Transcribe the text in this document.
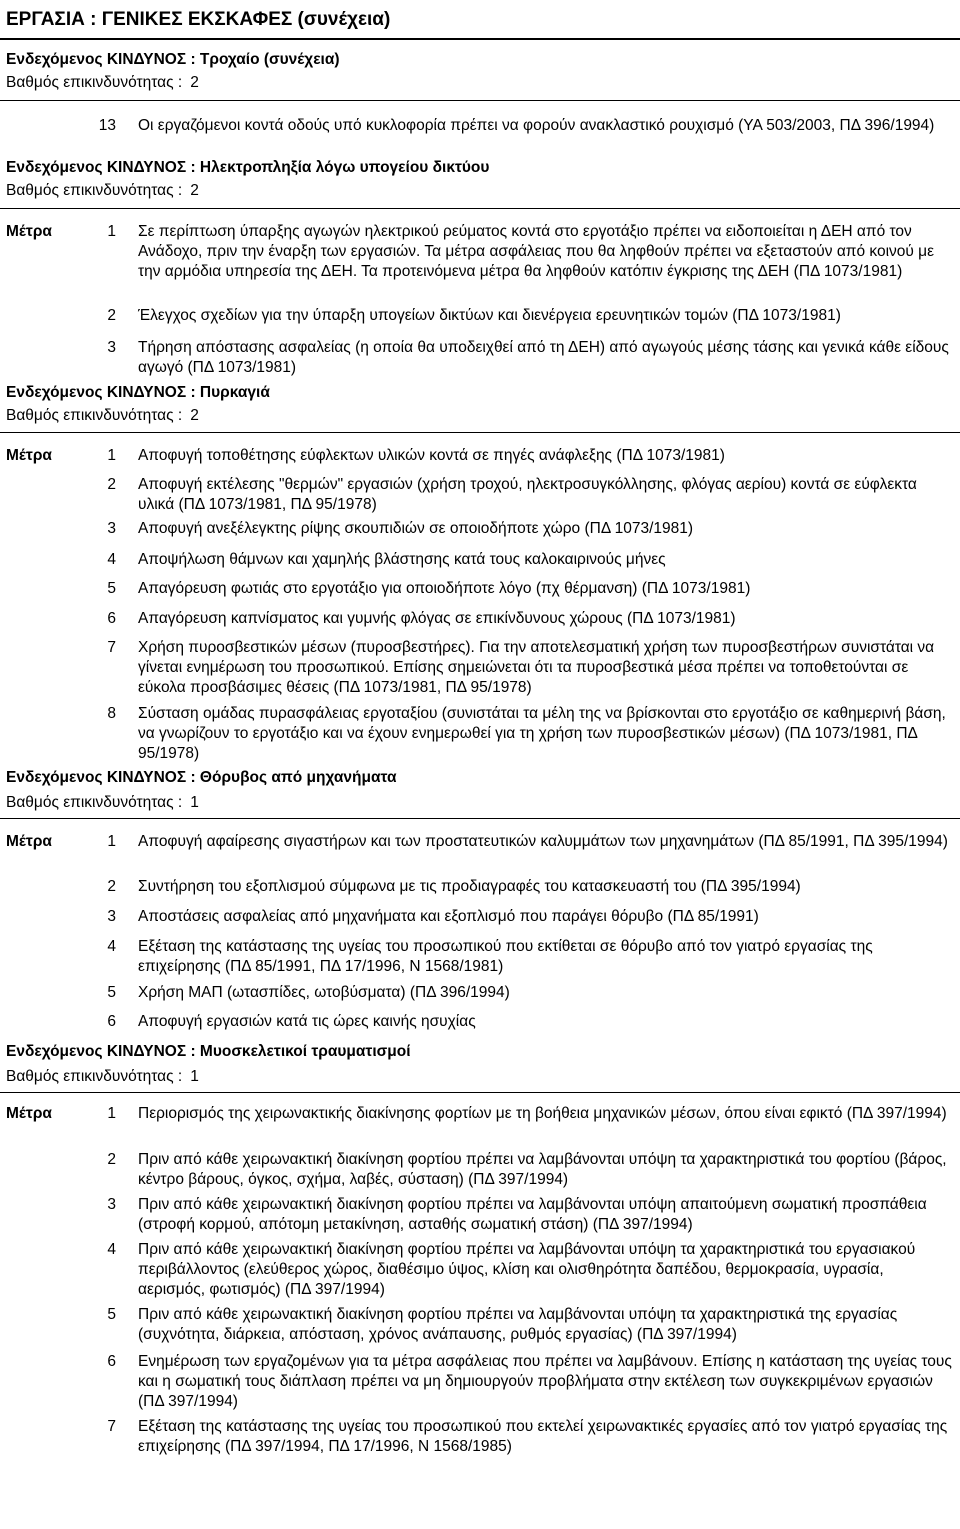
ΕΡΓΑΣΙΑ : ΓΕΝΙΚΕΣ ΕΚΣΚΑΦΕΣ (συνέχεια)
Ενδεχόμενος ΚΙΝΔΥΝΟΣ : Τροχαίο (συνέχεια)
Βαθμός επικινδυνότητας : 2
13 Οι εργαζόμενοι κοντά οδούς υπό κυκλοφορία πρέπει να φορούν ανακλαστικό ρουχισμό (ΥΑ 503/2003, ΠΔ 396/1994)
Ενδεχόμενος ΚΙΝΔΥΝΟΣ : Ηλεκτροπληξία λόγω υπογείου δικτύου
Βαθμός επικινδυνότητας : 2
Μέτρα	1 Σε περίπτωση ύπαρξης αγωγών ηλεκτρικού ρεύματος κοντά στο εργοτάξιο πρέπει να ειδοποιείται η ΔΕΗ από τον Ανάδοχο, πριν την έναρξη των εργασιών. Τα μέτρα ασφάλειας που θα ληφθούν πρέπει να εξεταστούν από κοινού με την αρμόδια υπηρεσία της ΔΕΗ. Τα προτεινόμενα μέτρα θα ληφθούν κατόπιν έγκρισης της ΔΕΗ (ΠΔ 1073/1981)
2 Έλεγχος σχεδίων για την ύπαρξη υπογείων δικτύων και διενέργεια ερευνητικών τομών (ΠΔ 1073/1981)
3 Τήρηση απόστασης ασφαλείας (η οποία θα υποδειχθεί από τη ΔΕΗ) από αγωγούς μέσης τάσης και γενικά κάθε είδους αγωγό (ΠΔ 1073/1981)
Ενδεχόμενος ΚΙΝΔΥΝΟΣ : Πυρκαγιά
Βαθμός επικινδυνότητας : 2
Μέτρα	1 Αποφυγή τοποθέτησης εύφλεκτων υλικών κοντά σε πηγές ανάφλεξης (ΠΔ 1073/1981)
2 Αποφυγή εκτέλεσης "θερμών" εργασιών (χρήση τροχού, ηλεκτροσυγκόλλησης, φλόγας αερίου) κοντά σε εύφλεκτα υλικά (ΠΔ 1073/1981, ΠΔ 95/1978)
3 Αποφυγή ανεξέλεγκτης ρίψης σκουπιδιών σε οποιοδήποτε χώρο (ΠΔ 1073/1981)
4 Αποψήλωση θάμνων και χαμηλής βλάστησης κατά τους καλοκαιρινούς μήνες
5 Απαγόρευση φωτιάς στο εργοτάξιο για οποιοδήποτε λόγο (πχ θέρμανση) (ΠΔ 1073/1981)
6 Απαγόρευση καπνίσματος και γυμνής φλόγας σε επικίνδυνους χώρους (ΠΔ 1073/1981)
7 Χρήση πυροσβεστικών μέσων (πυροσβεστήρες). Για την αποτελεσματική χρήση των πυροσβεστήρων συνιστάται να γίνεται ενημέρωση του προσωπικού. Επίσης σημειώνεται ότι τα πυροσβεστικά μέσα πρέπει να τοποθετούνται σε εύκολα προσβάσιμες θέσεις (ΠΔ 1073/1981, ΠΔ 95/1978)
8 Σύσταση ομάδας πυρασφάλειας εργοταξίου (συνιστάται τα μέλη της να βρίσκονται στο εργοτάξιο σε καθημερινή βάση, να γνωρίζουν το εργοτάξιο και να έχουν ενημερωθεί για τη χρήση των πυροσβεστικών μέσων) (ΠΔ 1073/1981, ΠΔ 95/1978)
Ενδεχόμενος ΚΙΝΔΥΝΟΣ : Θόρυβος από μηχανήματα
Βαθμός επικινδυνότητας : 1
Μέτρα	1 Αποφυγή αφαίρεσης σιγαστήρων και των προστατευτικών καλυμμάτων των μηχανημάτων (ΠΔ 85/1991, ΠΔ 395/1994)
2 Συντήρηση του εξοπλισμού σύμφωνα με τις προδιαγραφές του κατασκευαστή του (ΠΔ 395/1994)
3 Αποστάσεις ασφαλείας από μηχανήματα και εξοπλισμό που παράγει θόρυβο (ΠΔ 85/1991)
4 Εξέταση της κατάστασης της υγείας του προσωπικού που εκτίθεται σε θόρυβο από τον γιατρό εργασίας της επιχείρησης (ΠΔ 85/1991, ΠΔ 17/1996, Ν 1568/1981)
5 Χρήση ΜΑΠ (ωτασπίδες, ωτοβύσματα) (ΠΔ 396/1994)
6 Αποφυγή εργασιών κατά τις ώρες καινής ησυχίας
Ενδεχόμενος ΚΙΝΔΥΝΟΣ : Μυοσκελετικοί τραυματισμοί
Βαθμός επικινδυνότητας : 1
Μέτρα	1 Περιορισμός της χειρωνακτικής διακίνησης φορτίων με τη βοήθεια μηχανικών μέσων, όπου είναι εφικτό (ΠΔ 397/1994)
2 Πριν από κάθε χειρωνακτική διακίνηση φορτίου πρέπει να λαμβάνονται υπόψη τα χαρακτηριστικά του φορτίου (βάρος, κέντρο βάρους, όγκος, σχήμα, λαβές, σύσταση) (ΠΔ 397/1994)
3 Πριν από κάθε χειρωνακτική διακίνηση φορτίου πρέπει να λαμβάνονται υπόψη απαιτούμενη σωματική προσπάθεια (στροφή κορμού, απότομη μετακίνηση, ασταθής σωματική στάση) (ΠΔ 397/1994)
4 Πριν από κάθε χειρωνακτική διακίνηση φορτίου πρέπει να λαμβάνονται υπόψη τα χαρακτηριστικά του εργασιακού περιβάλλοντος (ελεύθερος χώρος, διαθέσιμο ύψος, κλίση και ολισθηρότητα δαπέδου, θερμοκρασία, υγρασία, αερισμός, φωτισμός) (ΠΔ 397/1994)
5 Πριν από κάθε χειρωνακτική διακίνηση φορτίου πρέπει να λαμβάνονται υπόψη τα χαρακτηριστικά της εργασίας (συχνότητα, διάρκεια, απόσταση, χρόνος ανάπαυσης, ρυθμός εργασίας) (ΠΔ 397/1994)
6 Ενημέρωση των εργαζομένων για τα μέτρα ασφάλειας που πρέπει να λαμβάνουν. Επίσης η κατάσταση της υγείας τους και η σωματική τους διάπλαση πρέπει να μη δημιουργούν προβλήματα στην εκτέλεση των συγκεκριμένων εργασιών (ΠΔ 397/1994)
7 Εξέταση της κατάστασης της υγείας του προσωπικού που εκτελεί χειρωνακτικές εργασίες από τον γιατρό εργασίας της επιχείρησης (ΠΔ 397/1994, ΠΔ 17/1996, Ν 1568/1985)
